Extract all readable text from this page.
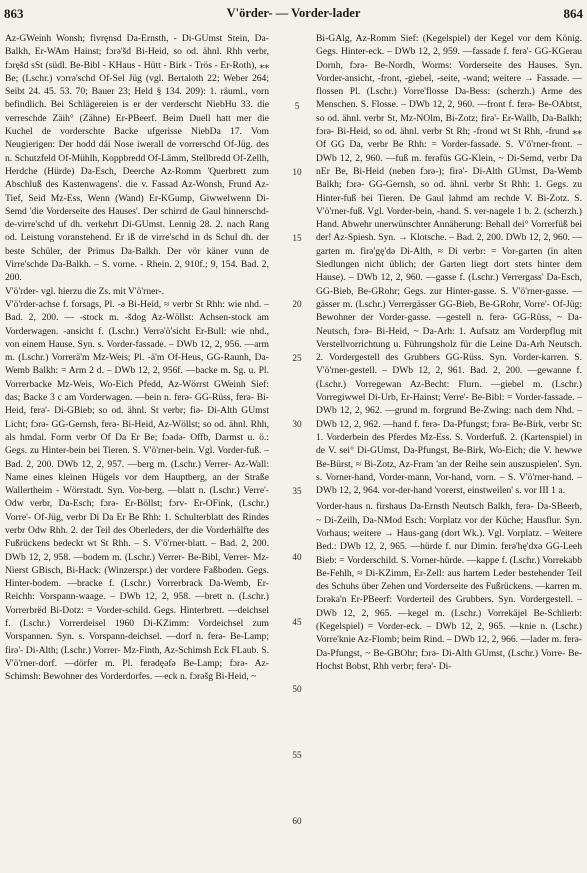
863	V'örder- — Vorder-lader	864

Az-GWeinh Wonsh; fivręnsd Da-Ernsth, - Di-GUmst Stein, Da-Balkh, Er-WAm Hainst; fɔrə'šd Bi-Heid, so od. ähnl. Rhh verbr, fɔręšd sSt (südl. Be-Bibl - KHaus - Hütt - Birk - Trös - Er-Roth), ⁎⁎ Be; (Lschr.) vɔrrə'schd Of-Sel Jüg (vgl. Bertaloth 22; Weber 264; Seibt 24. 45. 53. 70; Bauer 23; Held § 134. 209): 1. räuml., vorn befindlich. Bei Schlägereien is er der verderscht NiebHu 33. die verreschde Zäih° (Zähne) Er-PBeerf. Beim Duell hatt mer die Kuchel de vorderschte Backe ufgerisse NiebDa 17. Vom Neugierigen: Der hodd dái Nose iwerall de vorrerschd Of-Jüg. des n. Schutzfeld Of-Mühlh, Koppbredd Of-Lämm, Stellbredd Of-Zellh, Herdche (Hürde) Da-Esch, Deerche Az-Romm 'Querbrett zum Abschluß des Kastenwagens'. die v. Fassad Az-Wonsh, Frund Az-Tief, Seid Mz-Ess, Wenn (Wand) Er-KGump, Giwwelwenn Di-Semd 'die Vorderseite des Hauses'. Der schirrd de Gaul hinnerschd-de-virre'schd uf dh. verkehrt Di-GUmst. Lennig 28. 2. nach Rang od. Leistung voranstehend. Er iß de virre'schd in ds Schul dh. der beste Schüler, der Primus Da-Balkh. Der vör käner vunn de Virre'schde Da-Balkh. – S. vorne. - Rhein. 2, 910f.; 9, 154. Bad. 2, 200.

V'ö'rder- vgl. hierzu die Zs. mit V'ö'rner-.

V'ö'rder-achse f. forsags, Pl. -ə Bi-Heid, ≈ verbr St Rhh: wie nhd. – Bad. 2, 200. — -stock m. -šdog Az-Wöllst: Achsen-stock am Vorderwagen. -ansicht f. (Lschr.) Verrə'ö'sicht Er-Bull: wie nhd., von einem Hause. Syn. s. Vorder-fassade. – DWb 12, 2, 956. —arm m. (Lschr.) Vorrerä'm Mz-Weis; Pl. -ä'm Of-Heus, GG-Raunh, Da-Wemb Balkh: = Arm 2 d. – DWb 12, 2, 956f. —backe m. Sg. u. Pl. Vorrerbacke Mz-Weis, Wo-Eich Pfedd, Az-Wörrst GWeinh Sief: das; Backe 3 c am Vorderwagen. —bein n. fɐrə- GG-Rüss, fɐrə- Bi-Heid, fɐrə'- Di-GBieb; so od. ähnl. St verbr; fiə- Di-Alth GUmst Licht; fɔrə- GG-Gernsh, fɐrə- Bi-Heid, Az-Wöllst; so od. ähnl. Rhh, als hmdal. Form verbr Of Da Er Be; fɔədə- Offb, Darmst u. ö.: Gegs. zu Hinter-bein bei Tieren. S. V'ö'rner-bein. Vgl. Vorder-fuß. – Bad. 2, 200. DWb 12, 2, 957. —berg m. (Lschr.) Verrer- Az-Wall: Name eines kleinen Hügels vor dem Hauptberg, an der Straße Wallertheim - Wörrstadt. Syn. Vor-berg. —blatt n. (Lschr.) Verre'- Odw verbr, Da-Esch; fɔrə- Er-Böllst; fɔrv- Er-OFink, (Lschr.) Vorre'- Of-Jüg, verbr Di Da Er Be Rhh: 1. Schulterblatt des Rindes verbr Odw Rhh. 2. der Teil des Oberleders, der die Vorderhälfte des Fußrückens bedeckt wt St Rhh. – S. V'ö'rner-blatt. – Bad. 2, 200. DWb 12, 2, 958. —bodem m. (Lschr.) Verrer- Be-Bibl, Verrer- Mz-Nierst GBisch, Bi-Hack: (Winzerspr.) der vordere Faßboden. Gegs. Hinter-bodem. —bracke f. (Lschr.) Vorrerbrack Da-Wemb, Er-Reichh: Vorspann-waage. – DWb 12, 2, 958. —brett n. (Lschr.) Vorrerbrëd Bi-Dotz: = Vorder-schild. Gegs. Hinterbrett. —deichsel f. (Lschr.) Vorrerdeisel 1960 Di-KZimm: Vordeichsel zum Vorspannen. Syn. s. Vorspann-deichsel. —dorf n. fɐrə- Be-Lamp; firə'- Di-Alth; (Lschr.) Vorrer- Mz-Finth, Az-Schimsh Eck FLaub. S. V'ö'rner-dorf. —dörfer m. Pl. fɐrədęəfə Be-Lamp; fɔrə- Az-Schimsh: Bewohner des Vorderdorfes. —eck n. fɔrəšg Bi-Heid, ~

5
10
15
20
25
30
35
40
45
50
55
60

Bi-GAlg, Az-Romm Sief: (Kegelspiel) der Kegel vor dem König. Gegs. Hinter-eck. – DWb 12, 2, 959. —fassade f. fɐrə'- GG-KGerau Dornh, fɔrə- Be-Nordh, Worms: Vorderseite des Hauses. Syn. Vorder-ansicht, -front, -giebel, -seite, -wand; weitere → Fassade. —flossen Pl. (Lschr.) Vorre'flosse Da-Bess: (scherzh.) Arme des Menschen. S. Flosse. – DWb 12, 2, 960. —front f. fɐrə- Be-OAbtst, so od. ähnl. verbr St, Mz-NOlm, Bi-Zotz; firə'- Er-Wallb, Da-Balkh; fɔrə- Bi-Heid, so od. ähnl. verbr St Rh; -frond wt St Rhh, -frund ⁎⁎ Of GG Da, verbr Be Rhh: = Vorder-fassade. S. V'ö'rner-front. – DWb 12, 2, 960. —fuß m. fɐrəfüs GG-Klein, ~ Di-Semd, verbr Da nEr Be, Bi-Heid (neben fɔrə-); firə'- Di-Alth GUmst, Da-Wemb Balkh; fɔrə- GG-Gernsh, so od. ähnl. verbr St Rhh: 1. Gegs. zu Hinter-fuß bei Tieren. De Gaul lahmd am rechde V. Bi-Zotz. S. V'ö'rner-fuß. Vgl. Vorder-bein, -hand. S. ver-nagele 1 b. 2. (scherzh.) Hand. Abwehr unerwünschter Annäherung: Behall dei° Vorrerfüß bei der! Az-Spiesh. Syn. → Klotsche. – Bad. 2, 200. DWb 12, 2, 960. —garten m. firə'gę'də Di-Alth, ≈ Di verbr: = Vor-garten (in alten Siedlungen nicht üblich; der Garten liegt dort stets hinter dem Hause). – DWb 12, 2, 960. —gasse f. (Lschr.) Verrergass' Da-Esch, GG-Bieb, Be-GRohr; Gegs. zur Hinter-gasse. S. V'ö'rner-gasse. —gässer m. (Lschr.) Verrergässer GG-Bieb, Be-GRohr, Vorre'- Of-Jüg: Bewohner der Vorder-gasse. —gestell n. fɐrə- GG-Rüss, ~ Da-Neutsch, fɔrə- Bi-Heid, ~ Da-Arh: 1. Aufsatz am Vorderpflug mit Verstellvorrichtung u. Führungsholz für die Leine Da-Arh Neutsch. 2. Vordergestell des Grubbers GG-Rüss. Syn. Vorder-karren. S. V'ö'rner-gestell. – DWb 12, 2, 961. Bad. 2, 200. —gewanne f. (Lschr.) Vorregewan Az-Becht: Flurn. —giebel m. (Lschr.) Vorregiwwel Di-Urb, Er-Hainst; Verre'- Be-Bibl: = Vorder-fassade. – DWb 12, 2, 962. —grund m. forgrund Be-Zwing: nach dem Nhd. – DWb 12, 2, 962. —hand f. fɐrə- Da-Pfungst; fɔrə- Be-Birk, verbr St: 1. Vorderbein des Pferdes Mz-Ess. S. Vorderfuß. 2. (Kartenspiel) in de V. sei° Di-GUmst, Da-Pfungst, Be-Birk, Wo-Eich; die V. hewwe Be-Bürst, ≈ Bi-Zotz, Az-Fram 'an der Reihe sein auszuspielen'. Syn. s. Vorner-hand, Vorder-mann, Vor-hand, vorn. – S. V'ö'rner-hand. – DWb 12, 2, 964. vor-der-hand 'vorerst, einstweilen' s. vor III 1 a.

Vorder-haus n. firshaus Da-Ernsth Neutsch Balkh, fɐrə- Da-SBeerb, ~ Di-Zeilh, Da-NMod Esch: Vorplatz vor der Küche; Hausflur. Syn. Vorhaus; weitere → Haus-gang (dort Wk.). Vgl. Vorplatz. – Weitere Bed.: DWb 12, 2, 965. —hürde f. nur Dimin. fɐrə'hę'dxə GG-Leeh Bieb: = Vorderschild. S. Vorner-hürde. —kappe f. (Lschr.) Vorrekabb Be-Fehlh, ≈ Di-KZimm, Er-Zell: aus hartem Leder bestehender Teil des Schuhs über Zehen und Vorderseite des Fußrückens. —karren m. fɔrəka'n Er-PBeerf: Vorderteil des Grubbers. Syn. Vordergestell. – DWb 12, 2, 965. —kegel m. (Lschr.) Vorrekäjel Be-Schlierb: (Kegelspiel) = Vorder-eck. – DWb 12, 2, 965. —knie n. (Lschr.) Vorre'knie Az-Flomb; beim Rind. – DWb 12, 2, 966. —lader m. fɐrə- Da-Pfungst, ~ Be-GBOhr; fɔrə- Di-Alth GUmst, (Lschr.) Vorre- Be-Hochst Bobst, Rhh verbr; fɐrə'- Di-
